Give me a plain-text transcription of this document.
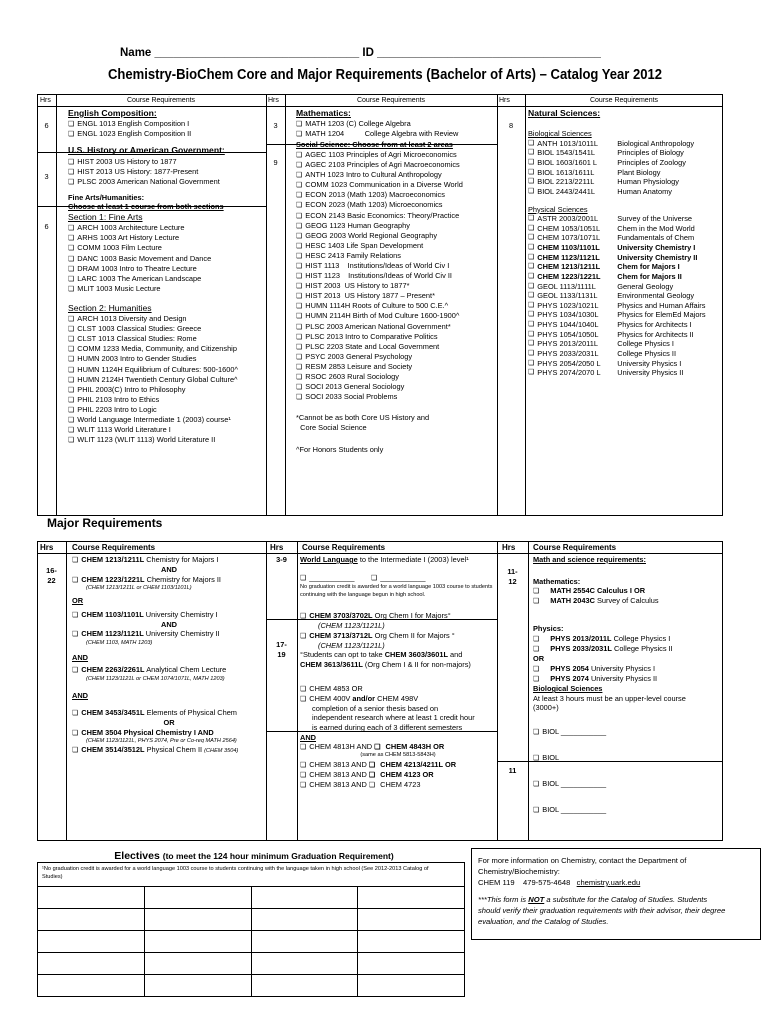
Name ________________________________ ID ___________________________________
Chemistry-BioChem Core and Major Requirements (Bachelor of Arts) – Catalog Year 2012
Hrs	Course Requirements	Hrs	Course Requirements	Hrs	Course Requirements
6
3
6
English Composition:
❏ ENGL 1013 English Composition I
❏ ENGL 1023 English Composition II
U.S. History or American Government:
❏ HIST 2003 US History to 1877
❏ HIST 2013 US History: 1877-Present
❏ PLSC 2003 American National Government
Fine Arts/Humanities:
Choose at least 1 course from both sections
Section 1: Fine Arts
❏ ARCH 1003 Architecture Lecture
❏ ARHS 1003 Art History Lecture
❏ COMM 1003 Film Lecture
❏ DANC 1003 Basic Movement and Dance
❏ DRAM 1003 Intro to Theatre Lecture
❏ LARC 1003 The American Landscape
❏ MLIT 1003 Music Lecture
Section 2: Humanities
❏ ARCH 1013 Diversity and Design
❏ CLST 1003 Classical Studies: Greece
❏ CLST 1013 Classical Studies: Rome
❏ COMM 1233 Media, Community, and Citizenship
❏ HUMN 2003 Intro to Gender Studies
❏ HUMN 1124H Equilibrium of Cultures: 500-1600^
❏ HUMN 2124H Twentieth Century Global Culture^
❏ PHIL 2003(C) Intro to Philosophy
❏ PHIL 2103 Intro to Ethics
❏ PHIL 2203 Intro to Logic
❏ World Language Intermediate 1 (2003) course¹
❏ WLIT 1113 World Literature I
❏ WLIT 1123 (WLIT 1113) World Literature II
3
9
Mathematics:
❏ MATH 1203 (C) College Algebra
❏ MATH 1204          College Algebra with Review
Social Science: Choose from at least 2 areas
❏ AGEC 1103 Principles of Agri Microeconomics
❏ AGEC 2103 Principles of Agri Macroeconomics
❏ ANTH 1023 Intro to Cultural Anthropology
❏ COMM 1023 Communication in a Diverse World
❏ ECON 2013 (Math 1203) Macroeconomics
❏ ECON 2023 (Math 1203) Microeconomics
❏ ECON 2143 Basic Economics: Theory/Practice
❏ GEOG 1123 Human Geography
❏ GEOG 2003 World Regional Geography
❏ HESC 1403 Life Span Development
❏ HESC 2413 Family Relations
❏ HIST 1113    Institutions/Ideas of World Civ I
❏ HIST 1123    Institutions/Ideas of World Civ II
❏ HIST 2003  US History to 1877*
❏ HIST 2013  US History 1877 – Present*
❏ HUMN 1114H Roots of Culture to 500 C.E.^
❏ HUMN 2114H Birth of Mod Culture 1600-1900^
❏ PLSC 2003 American National Government*
❏ PLSC 2013 Intro to Comparative Politics
❏ PLSC 2203 State and Local Government
❏ PSYC 2003 General Psychology
❏ RESM 2853 Leisure and Society
❏ RSOC 2603 Rural Sociology
❏ SOCI 2013 General Sociology
❏ SOCI 2033 Social Problems
*Cannot be as both Core US History and
Core Social Science
^For Honors Students only
8
Natural Sciences:
Biological Sciences
❏ ANTH 1013/1011L	Biological Anthropology
❏ BIOL 1543/1541L	Principles of Biology
❏ BIOL 1603/1601 L	Principles of Zoology
❏ BIOL 1613/1611L	Plant Biology
❏ BIOL 2213/2211L	Human Physiology
❏ BIOL 2443/2441L	Human Anatomy
Physical Sciences
❏ ASTR 2003/2001L	Survey of the Universe
❏ CHEM 1053/1051L	Chem in the Mod World
❏ CHEM 1073/1071L	Fundamentals of Chem
❏ CHEM 1103/1101L	University Chemistry I
❏ CHEM 1123/1121L	University Chemistry II
❏ CHEM 1213/1211L	Chem for Majors I
❏ CHEM 1223/1221L	Chem for Majors II
❏ GEOL 1113/1111L	General Geology
❏ GEOL 1133/1131L	Environmental Geology
❏ PHYS 1023/1021L	Physics and Human Affairs
❏ PHYS 1034/1030L	Physics for ElemEd Majors
❏ PHYS 1044/1040L	Physics for Architects I
❏ PHYS 1054/1050L	Physics for Architects II
❏ PHYS 2013/2011L	College Physics I
❏ PHYS 2033/2031L	College Physics II
❏ PHYS 2054/2050 L	University Physics I
❏ PHYS 2074/2070 L	University Physics II
Major Requirements
Hrs Course Requirements	Hrs Course Requirements	Hrs Course Requirements
16-
22
❏ CHEM 1213/1211L Chemistry for Majors I
AND
❏ CHEM 1223/1221L Chemistry for Majors II
(CHEM 1213/1211L or CHEM 1103/1101L)
OR
❏ CHEM 1103/1101L University Chemistry I
AND
❏ CHEM 1123/1121L University Chemistry II
(CHEM 1103, MATH 1203)
AND
❏ CHEM 2263/2261L Analytical Chem Lecture
(CHEM 1123/1121L or CHEM 1074/1071L, MATH 1203)
AND
❏ CHEM 3453/3451L Elements of Physical Chem
OR
❏ CHEM 3504 Physical Chemistry I AND
(CHEM 1123/1121L, PHYS 2074, Pre or Co-req MATH 2564)
❏ CHEM 3514/3512L Physical Chem II (CHEM 3504)
3-9
17-
19
World Language to the Intermediate I (2003) level¹
❏ ___________        ❏	___________
No graduation credit is awarded for a world language 1003 course to students continuing with the language begun in high school.
❏ CHEM 3703/3702L Org Chem I for Majors°
(CHEM 1123/1121L)
❏ CHEM 3713/3712L Org Chem II for Majors °
(CHEM 1123/1121L)
°Students can opt to take CHEM 3603/3601L and
CHEM 3613/3611L (Org Chem I & II for non-majors)
❏ CHEM 4853 OR
❏ CHEM 400V and/or CHEM 498V
completion of a senior thesis based on
independent research where at least 1 credit hour
is earned during each of 3 different semesters
AND
❏ CHEM 4813H AND ❏ CHEM 4843H OR
(same as CHEM 5813-5843H)
❏ CHEM 3813 AND ❏ CHEM 4213/4211L OR
❏ CHEM 3813 AND ❏ CHEM 4123 OR
❏ CHEM 3813 AND ❏ CHEM 4723
11-
12
11
Math and science requirements:
Mathematics:
❏ MATH 2554C Calculus I OR
❏ MATH 2043C Survey of Calculus
Physics:
❏ PHYS 2013/2011L College Physics I
❏ PHYS 2033/2031L College Physics II
OR
❏ PHYS 2054 University Physics I
❏ PHYS 2074 University Physics II
Biological Sciences
At least 3 hours must be an upper-level course
(3000+)
❏ BIOL ___________
❏ BIOL ___________
❏ BIOL ___________
❏ BIOL ___________
Electives (to meet the 124 hour minimum Graduation Requirement)
¹No graduation credit is awarded for a world language 1003 course to students continuing with the language taken in high school (See 2012-2013 Catalog of Studies)

For more information on Chemistry, contact the Department of
Chemistry/Biochemistry:
CHEM 119    479-575-4648   chemistry.uark.edu
***This form is NOT a substitute for the Catalog of Studies. Students
should verify their graduation requirements with their advisor, their degree
evaluation, and the Catalog of Studies.
